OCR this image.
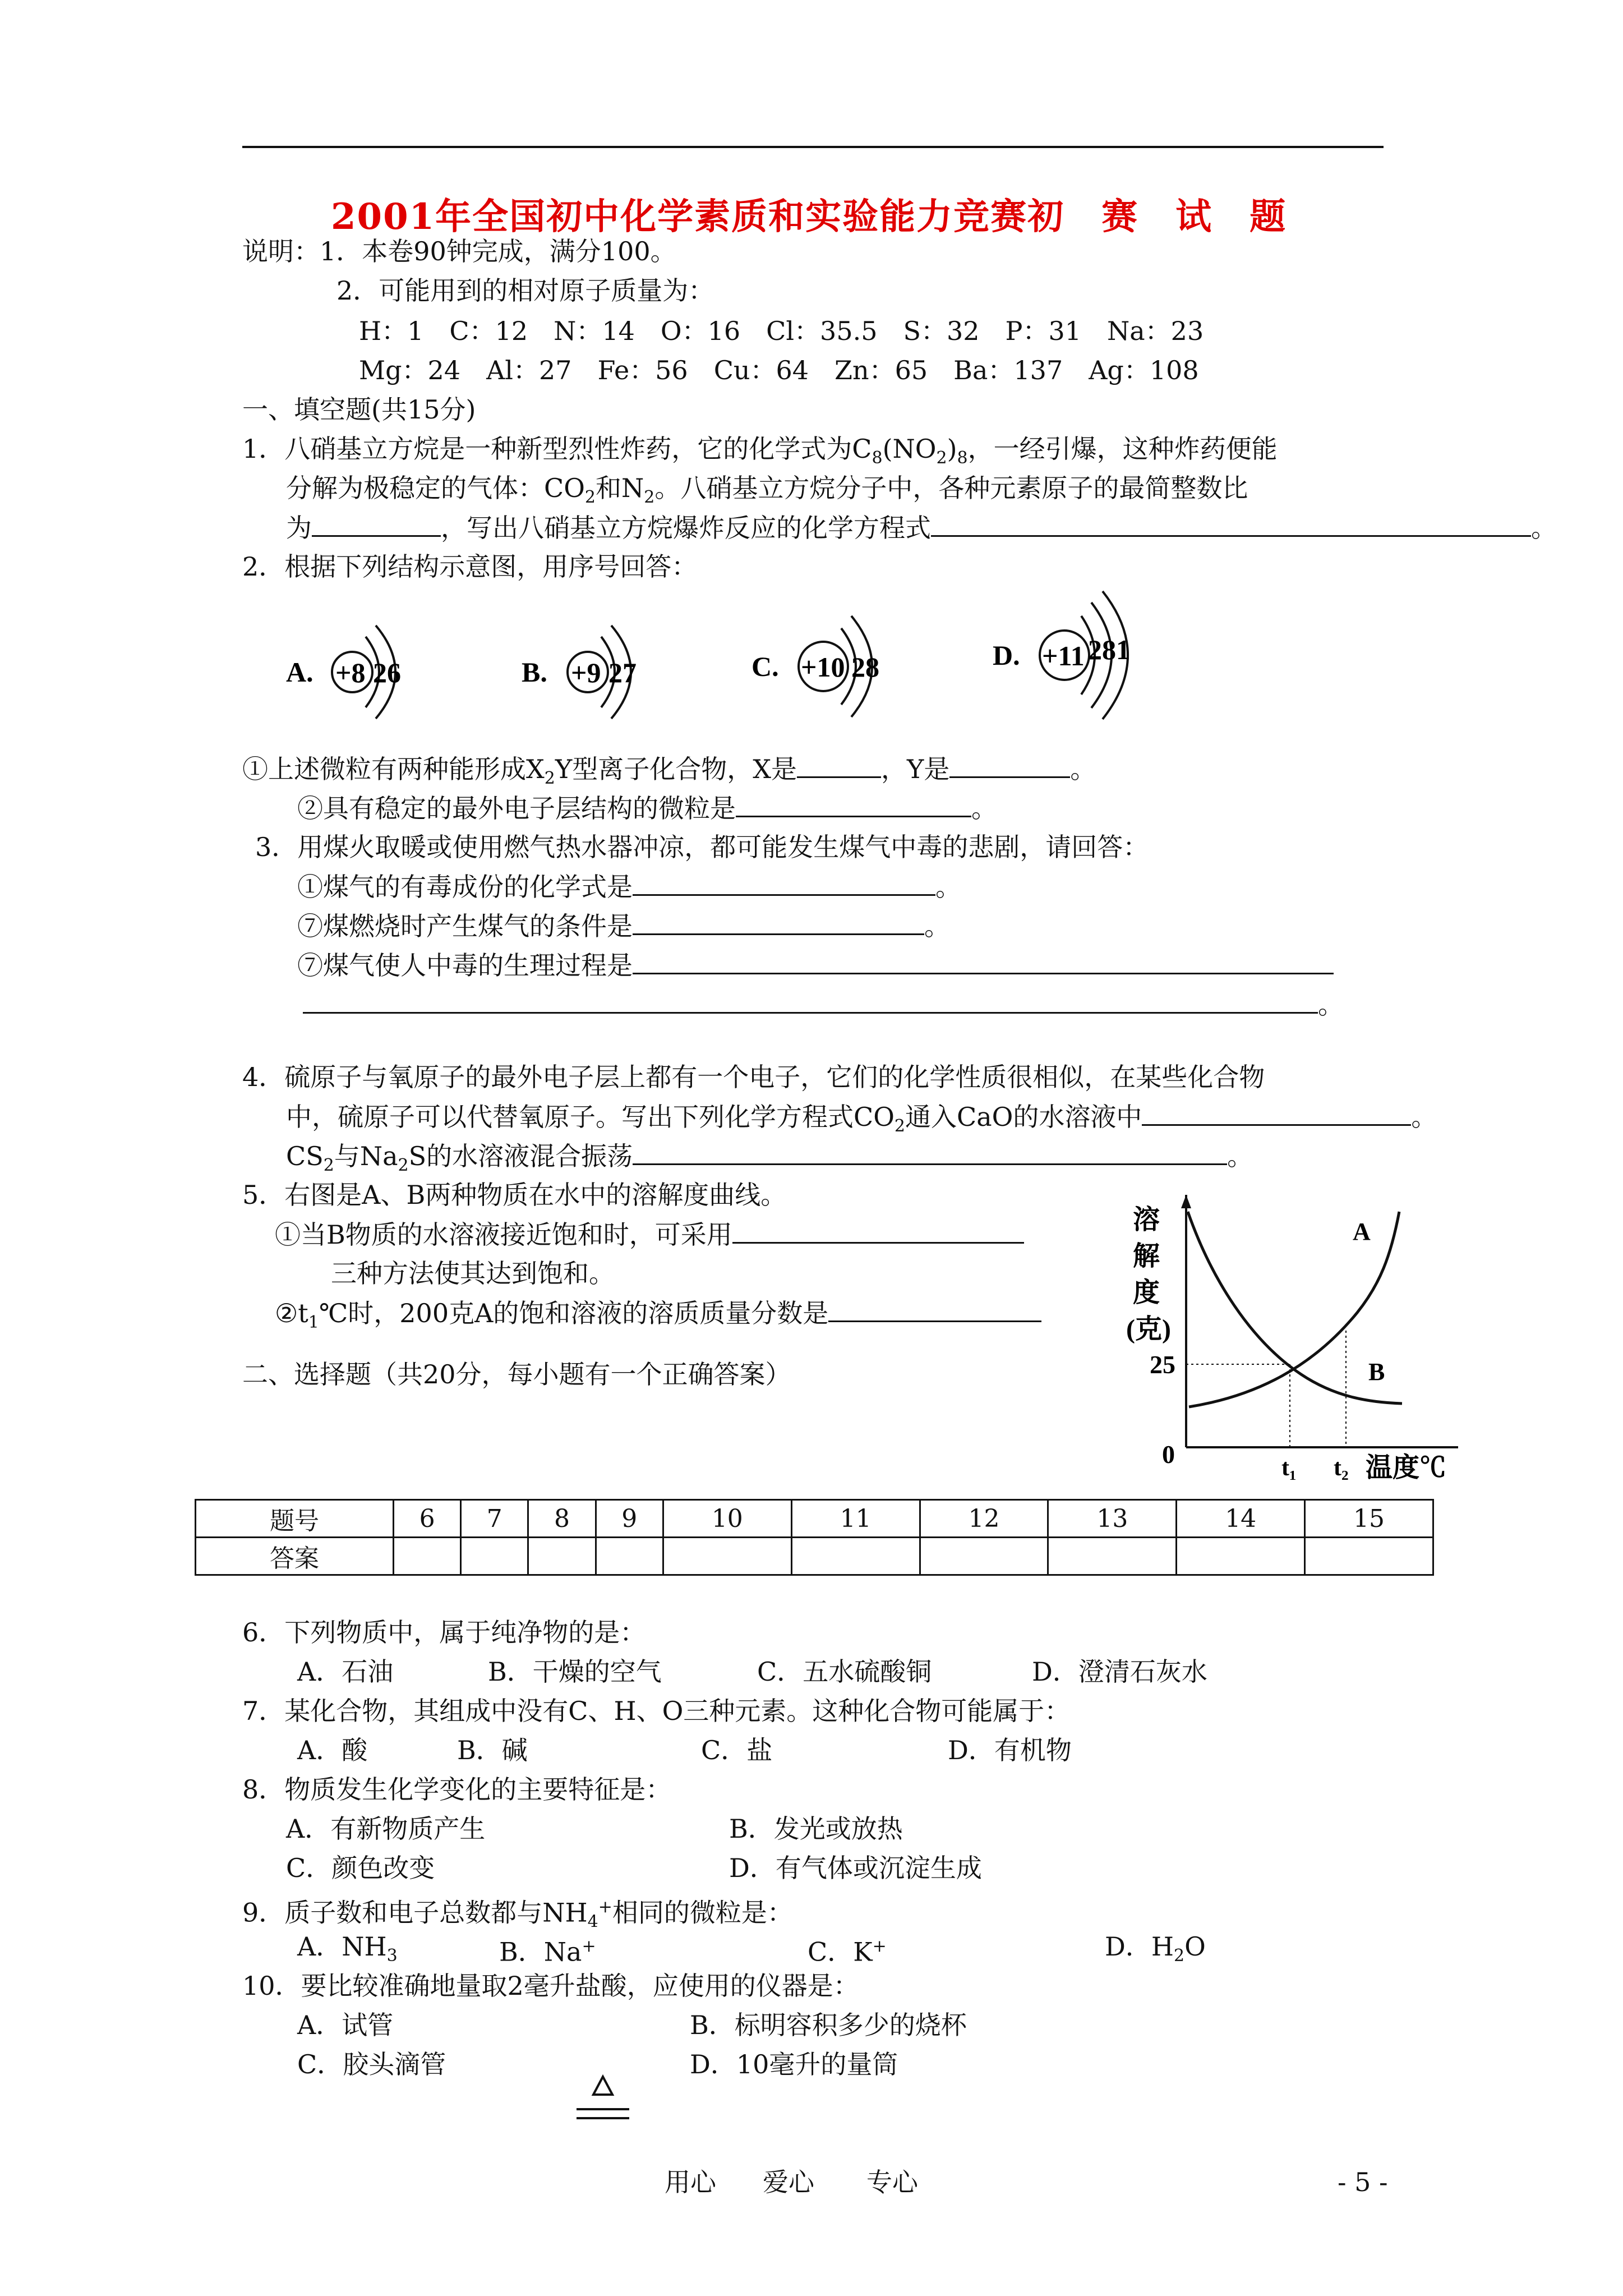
2001年全国初中化学素质和实验能力竞赛初　赛　试　题
说明：1．本卷90钟完成，满分100。
2．可能用到的相对原子质量为：
H：1　C：12　N：14　O：16　Cl：35.5　S：32　P：31　Na：23
Mg：24　Al：27　Fe：56　Cu：64　Zn：65　Ba：137　Ag：108
一、填空题(共15分)
1．八硝基立方烷是一种新型烈性炸药，它的化学式为$C_8(NO_2)_8$，一经引爆，这种炸药便能
分解为极稳定的气体：$CO_2$和$N_2$。八硝基立方烷分子中，各种元素原子的最简整数比
为	，写出八硝基立方烷爆炸反应的化学方程式	。
2．根据下列结构示意图，用序号回答：
A. +8 26	B. +9 27	C. +10 28	D. +11 281
①上述微粒有两种能形成$X_2Y$型离子化合物，X是	，Y是	。
②具有稳定的最外电子层结构的微粒是	。
3．用煤火取暖或使用燃气热水器冲凉，都可能发生煤气中毒的悲剧，请回答：
①煤气的有毒成份的化学式是	。
⑦煤燃烧时产生煤气的条件是	。
⑦煤气使人中毒的生理过程是
。
4．硫原子与氧原子的最外电子层上都有一个电子，它们的化学性质很相似，在某些化合物
中，硫原子可以代替氧原子。写出下列化学方程式$CO_2$通入CaO的水溶液中	。
$CS_2$与$Na_2S$的水溶液混合振荡	。
5．右图是A、B两种物质在水中的溶解度曲线。
①当B物质的水溶液接近饱和时，可采用
三种方法使其达到饱和。
$②t_1℃$时，200克A的饱和溶液的溶质质量分数是
溶
解
度
(克)
0
25
A
B
t₁ t₂ 温度℃
二、选择题（共20分，每小题有一个正确答案）
题号	6	7	8	9	10	11	12	13	14	15
答案										
6．下列物质中，属于纯净物的是：
A．石油	B．干燥的空气	C．五水硫酸铜	D．澄清石灰水
7．某化合物，其组成中没有C、H、O三种元素。这种化合物可能属于：
A．酸	B．碱	C．盐	D．有机物
8．物质发生化学变化的主要特征是：
A．有新物质产生	B．发光或放热
C．颜色改变	D．有气体或沉淀生成
9．质子数和电子总数都与$NH_4^+$相同的微粒是：
A．$NH_3$	B．Na+	C．K+	D．$H_2O$
10．要比较准确地量取2毫升盐酸，应使用的仪器是：
A．试管	B．标明容积多少的烧杯
C．胶头滴管	D．10毫升的量筒
用心 爱心 专心	- 5 -
